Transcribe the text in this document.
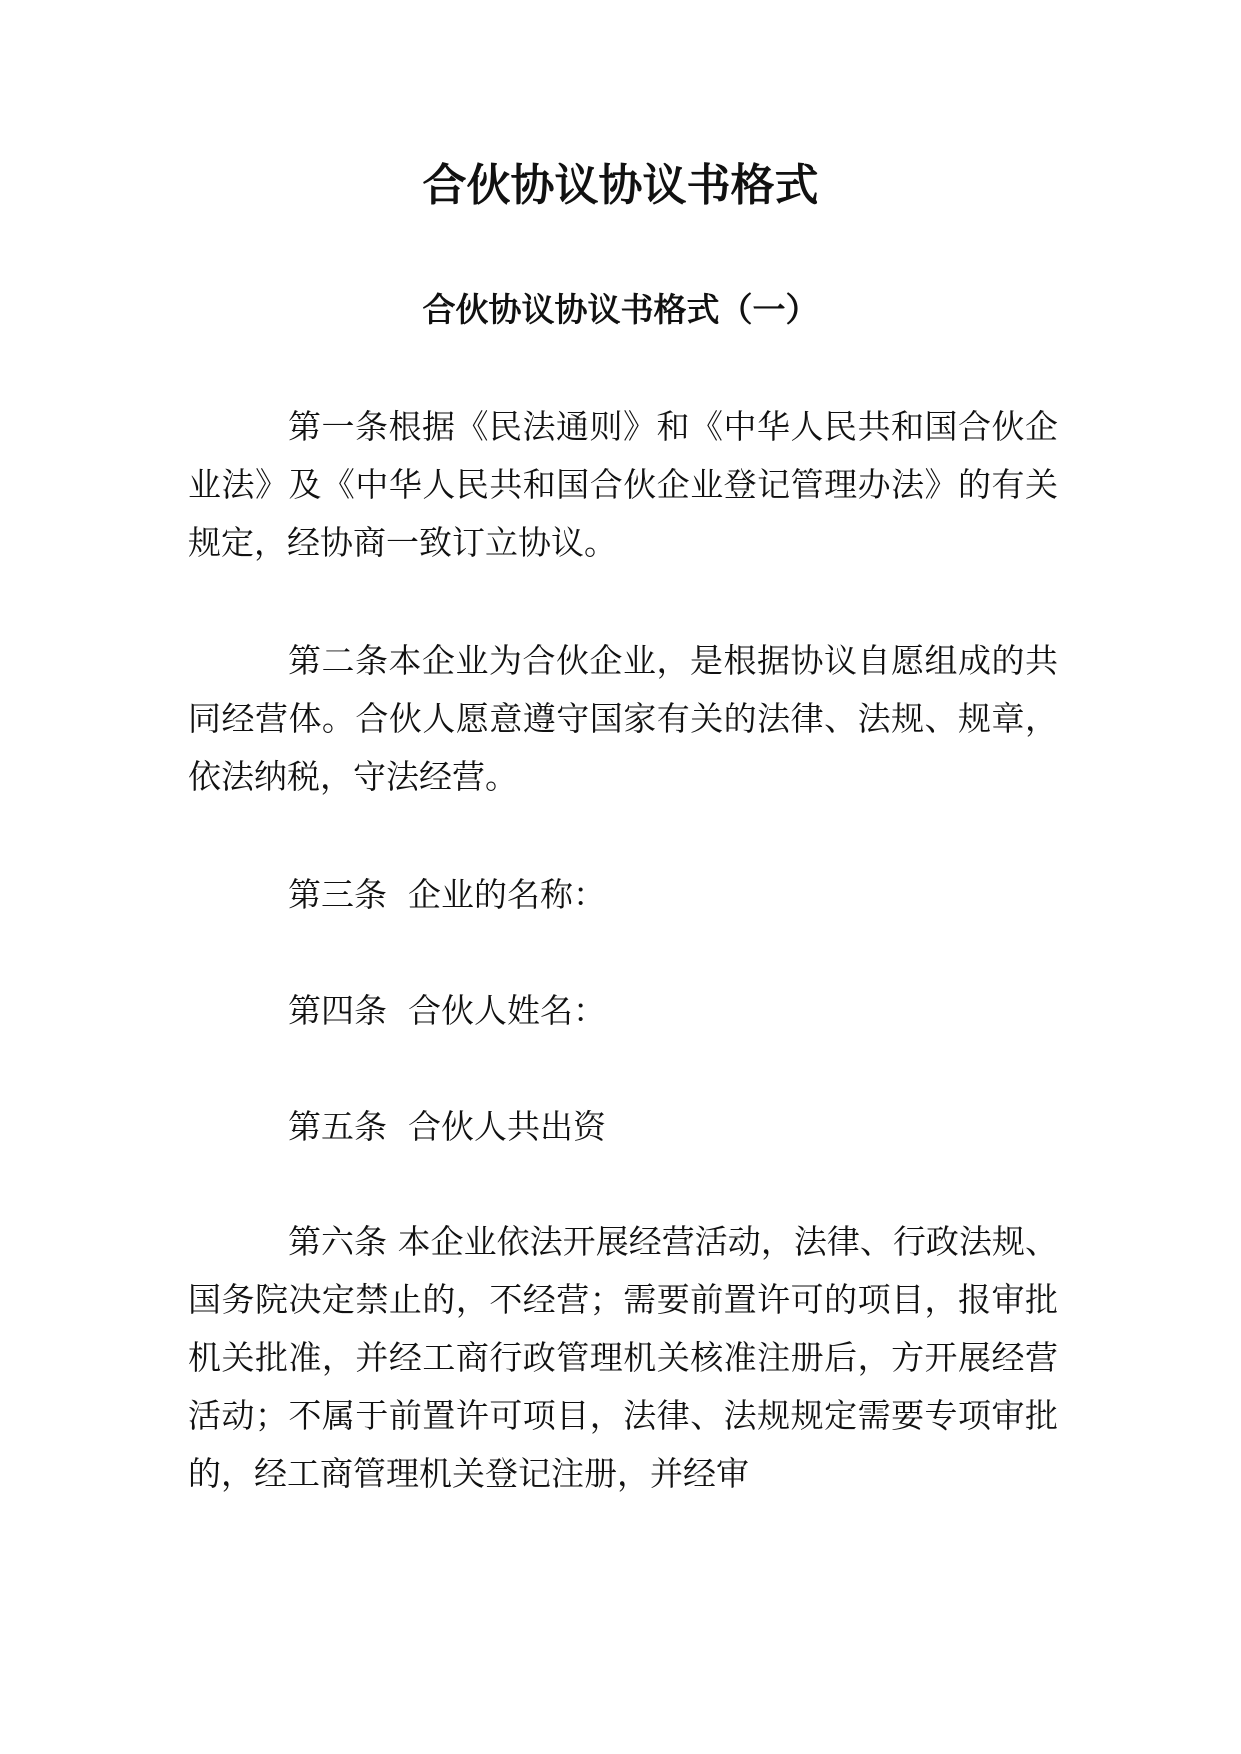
合伙协议协议书格式
合伙协议协议书格式（一）

第一条根据《民法通则》和《中华人民共和国合伙企业法》及《中华人民共和国合伙企业登记管理办法》的有关规定，经协商一致订立协议。

第二条本企业为合伙企业，是根据协议自愿组成的共同经营体。合伙人愿意遵守国家有关的法律、法规、规章，依法纳税，守法经营。

第三条  企业的名称：

第四条  合伙人姓名：

第五条  合伙人共出资

第六条 本企业依法开展经营活动，法律、行政法规、国务院决定禁止的，不经营；需要前置许可的项目，报审批机关批准，并经工商行政管理机关核准注册后，方开展经营活动；不属于前置许可项目，法律、法规规定需要专项审批的，经工商管理机关登记注册，并经审
